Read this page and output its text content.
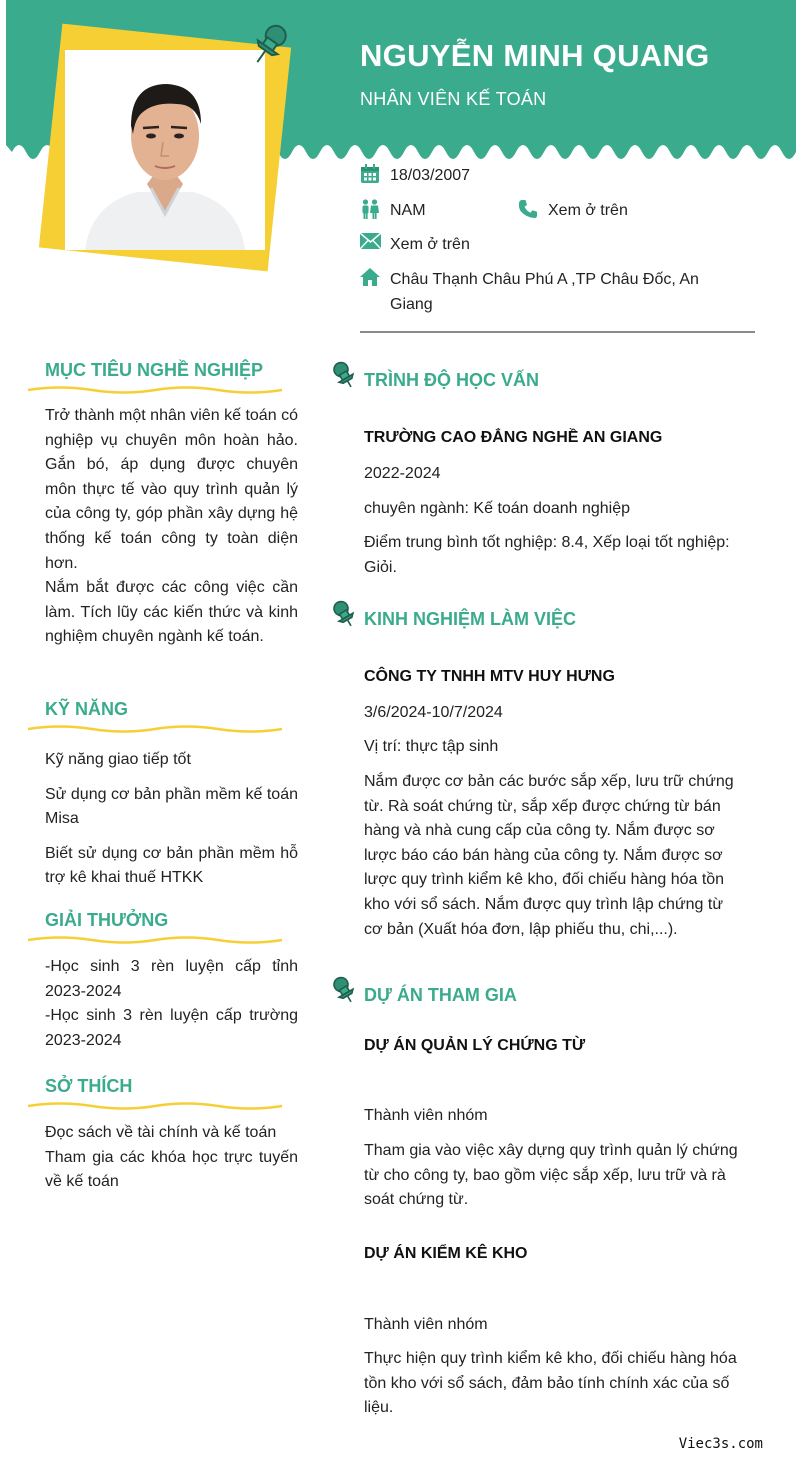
NGUYỄN MINH QUANG
NHÂN VIÊN KẾ TOÁN
18/03/2007
NAM	Xem ở trên
Xem ở trên
Châu Thạnh Châu Phú A ,TP Châu Đốc, An Giang
MỤC TIÊU NGHỀ NGHIỆP

Trở thành một nhân viên kế toán có nghiệp vụ chuyên môn hoàn hảo. Gắn bó, áp dụng được chuyên môn thực tế vào quy trình quản lý của công ty, góp phần xây dựng hệ thống kế toán công ty toàn diện hơn.

Nắm bắt được các công việc cần làm. Tích lũy các kiến thức và kinh nghiệm chuyên ngành kế toán.

KỸ NĂNG

Kỹ năng giao tiếp tốt

Sử dụng cơ bản phần mềm kế toán Misa

Biết sử dụng cơ bản phần mềm hỗ trợ kê khai thuế HTKK

GIẢI THƯỞNG

-Học sinh 3 rèn luyện cấp tỉnh 2023-2024

-Học sinh 3 rèn luyện cấp trường 2023-2024

SỞ THÍCH

Đọc sách về tài chính và kế toán

Tham gia các khóa học trực tuyến về kế toán

TRÌNH ĐỘ HỌC VẤN
TRƯỜNG CAO ĐẲNG NGHỀ AN GIANG
2022-2024
chuyên ngành: Kế toán doanh nghiệp
Điểm trung bình tốt nghiệp: 8.4, Xếp loại tốt nghiệp: Giỏi.
KINH NGHIỆM LÀM VIỆC
CÔNG TY TNHH MTV HUY HƯNG
3/6/2024-10/7/2024
Vị trí: thực tập sinh
Nắm được cơ bản các bước sắp xếp, lưu trữ chứng từ. Rà soát chứng từ, sắp xếp được chứng từ bán hàng và nhà cung cấp của công ty. Nắm được sơ lược báo cáo bán hàng của công ty. Nắm được sơ lược quy trình kiểm kê kho, đối chiếu hàng hóa tồn kho với sổ sách. Nắm được quy trình lập chứng từ cơ bản (Xuất hóa đơn, lập phiếu thu, chi,...).
DỰ ÁN THAM GIA
DỰ ÁN QUẢN LÝ CHỨNG TỪ
Thành viên nhóm
Tham gia vào việc xây dựng quy trình quản lý chứng từ cho công ty, bao gồm việc sắp xếp, lưu trữ và rà soát chứng từ.
DỰ ÁN KIỂM KÊ KHO
Thành viên nhóm
Thực hiện quy trình kiểm kê kho, đối chiếu hàng hóa tồn kho với sổ sách, đảm bảo tính chính xác của số liệu.
Viec3s.com
